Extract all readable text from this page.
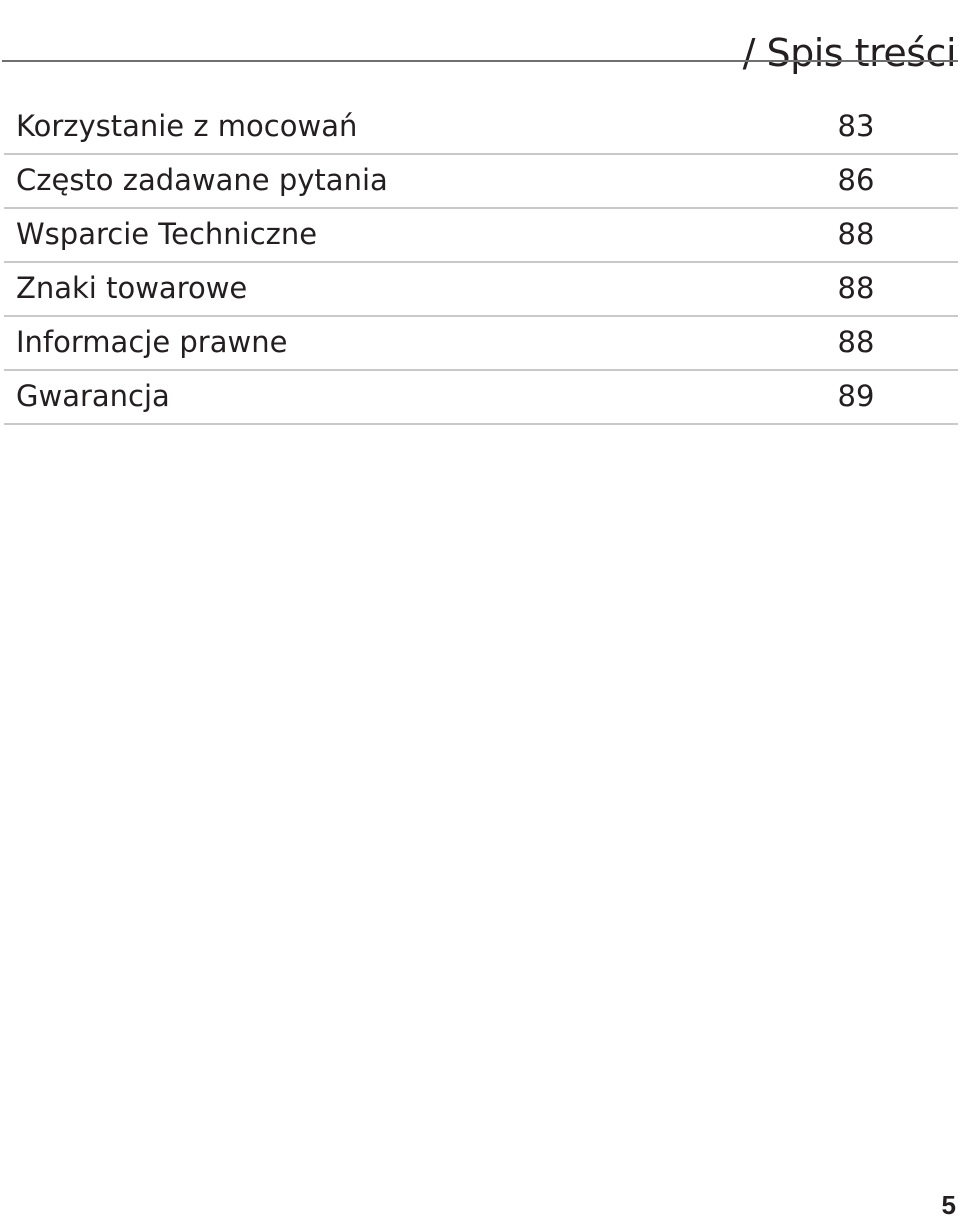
/ Spis treści
Korzystanie z mocowań	83
Często zadawane pytania	86
Wsparcie Techniczne	88
Znaki towarowe	88
Informacje prawne	88
Gwarancja	89
5
